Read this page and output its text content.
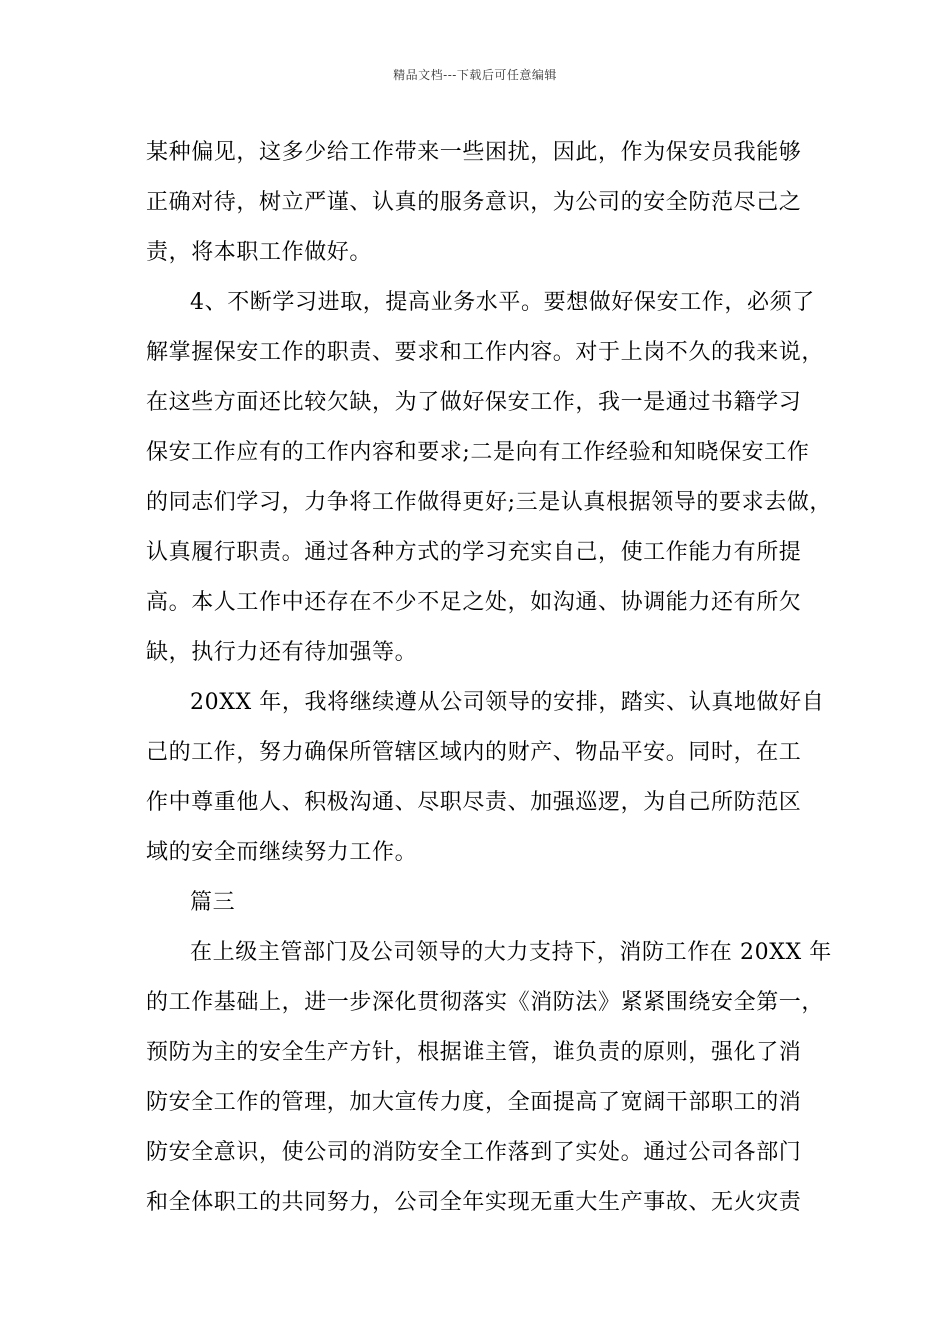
精品文档---下载后可任意编辑
某种偏见，这多少给工作带来一些困扰，因此，作为保安员我能够
正确对待，树立严谨、认真的服务意识，为公司的安全防范尽己之
责，将本职工作做好。
4、不断学习进取，提高业务水平。要想做好保安工作，必须了
解掌握保安工作的职责、要求和工作内容。对于上岗不久的我来说，
在这些方面还比较欠缺，为了做好保安工作，我一是通过书籍学习
保安工作应有的工作内容和要求;二是向有工作经验和知晓保安工作
的同志们学习，力争将工作做得更好;三是认真根据领导的要求去做，
认真履行职责。通过各种方式的学习充实自己，使工作能力有所提
高。本人工作中还存在不少不足之处，如沟通、协调能力还有所欠
缺，执行力还有待加强等。
20XX 年，我将继续遵从公司领导的安排，踏实、认真地做好自
己的工作，努力确保所管辖区域内的财产、物品平安。同时，在工
作中尊重他人、积极沟通、尽职尽责、加强巡逻，为自己所防范区
域的安全而继续努力工作。
篇三
在上级主管部门及公司领导的大力支持下，消防工作在 20XX 年
的工作基础上，进一步深化贯彻落实《消防法》紧紧围绕安全第一，
预防为主的安全生产方针，根据谁主管，谁负责的原则，强化了消
防安全工作的管理，加大宣传力度，全面提高了宽阔干部职工的消
防安全意识，使公司的消防安全工作落到了实处。通过公司各部门
和全体职工的共同努力，公司全年实现无重大生产事故、无火灾责
